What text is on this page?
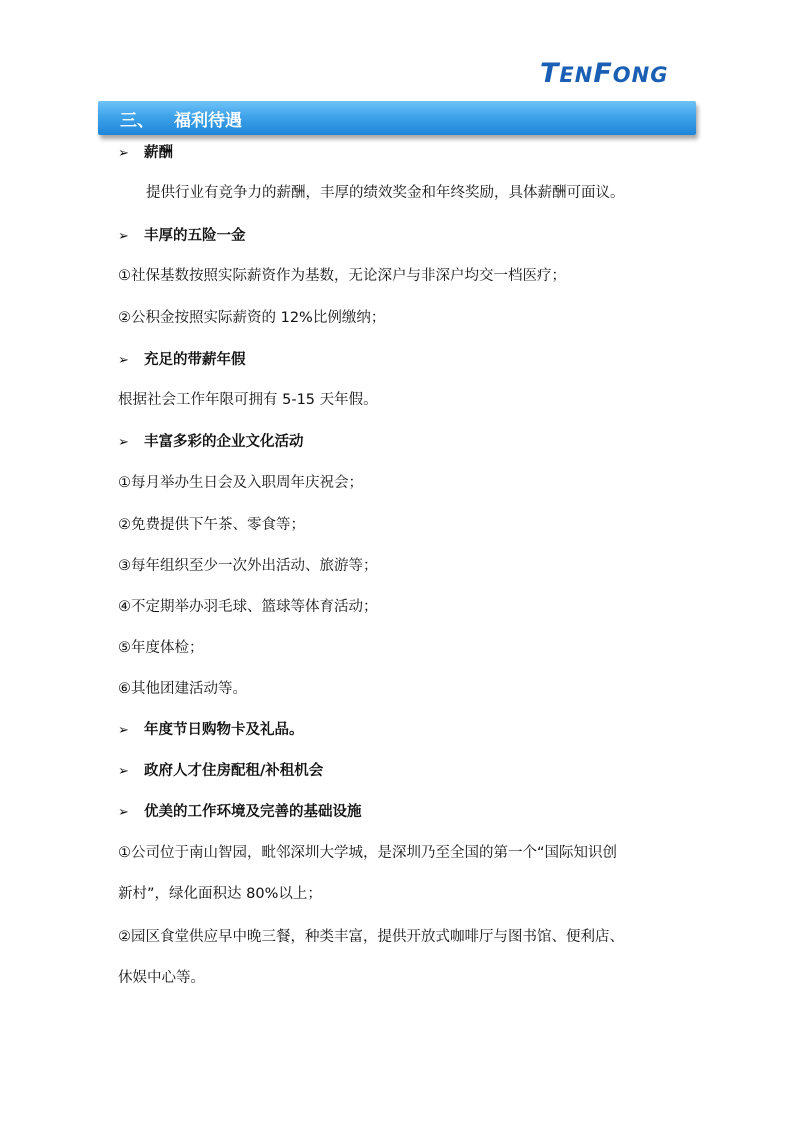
T EN F ONG
三、 福利待遇
➢ 薪酬
提供行业有竞争力的薪酬，丰厚的绩效奖金和年终奖励，具体薪酬可面议。
➢ 丰厚的五险一金
①社保基数按照实际薪资作为基数，无论深户与非深户均交一档医疗；
②公积金按照实际薪资的 12%比例缴纳；
➢ 充足的带薪年假
根据社会工作年限可拥有 5-15 天年假。
➢ 丰富多彩的企业文化活动
①每月举办生日会及入职周年庆祝会；
②免费提供下午茶、零食等；
③每年组织至少一次外出活动、旅游等；
④不定期举办羽毛球、篮球等体育活动；
⑤年度体检；
⑥其他团建活动等。
➢ 年度节日购物卡及礼品。
➢ 政府人才住房配租/补租机会
➢ 优美的工作环境及完善的基础设施
①公司位于南山智园，毗邻深圳大学城，是深圳乃至全国的第一个“国际知识创
新村”，绿化面积达 80%以上；
②园区食堂供应早中晚三餐，种类丰富，提供开放式咖啡厅与图书馆、便利店、
休娱中心等。
